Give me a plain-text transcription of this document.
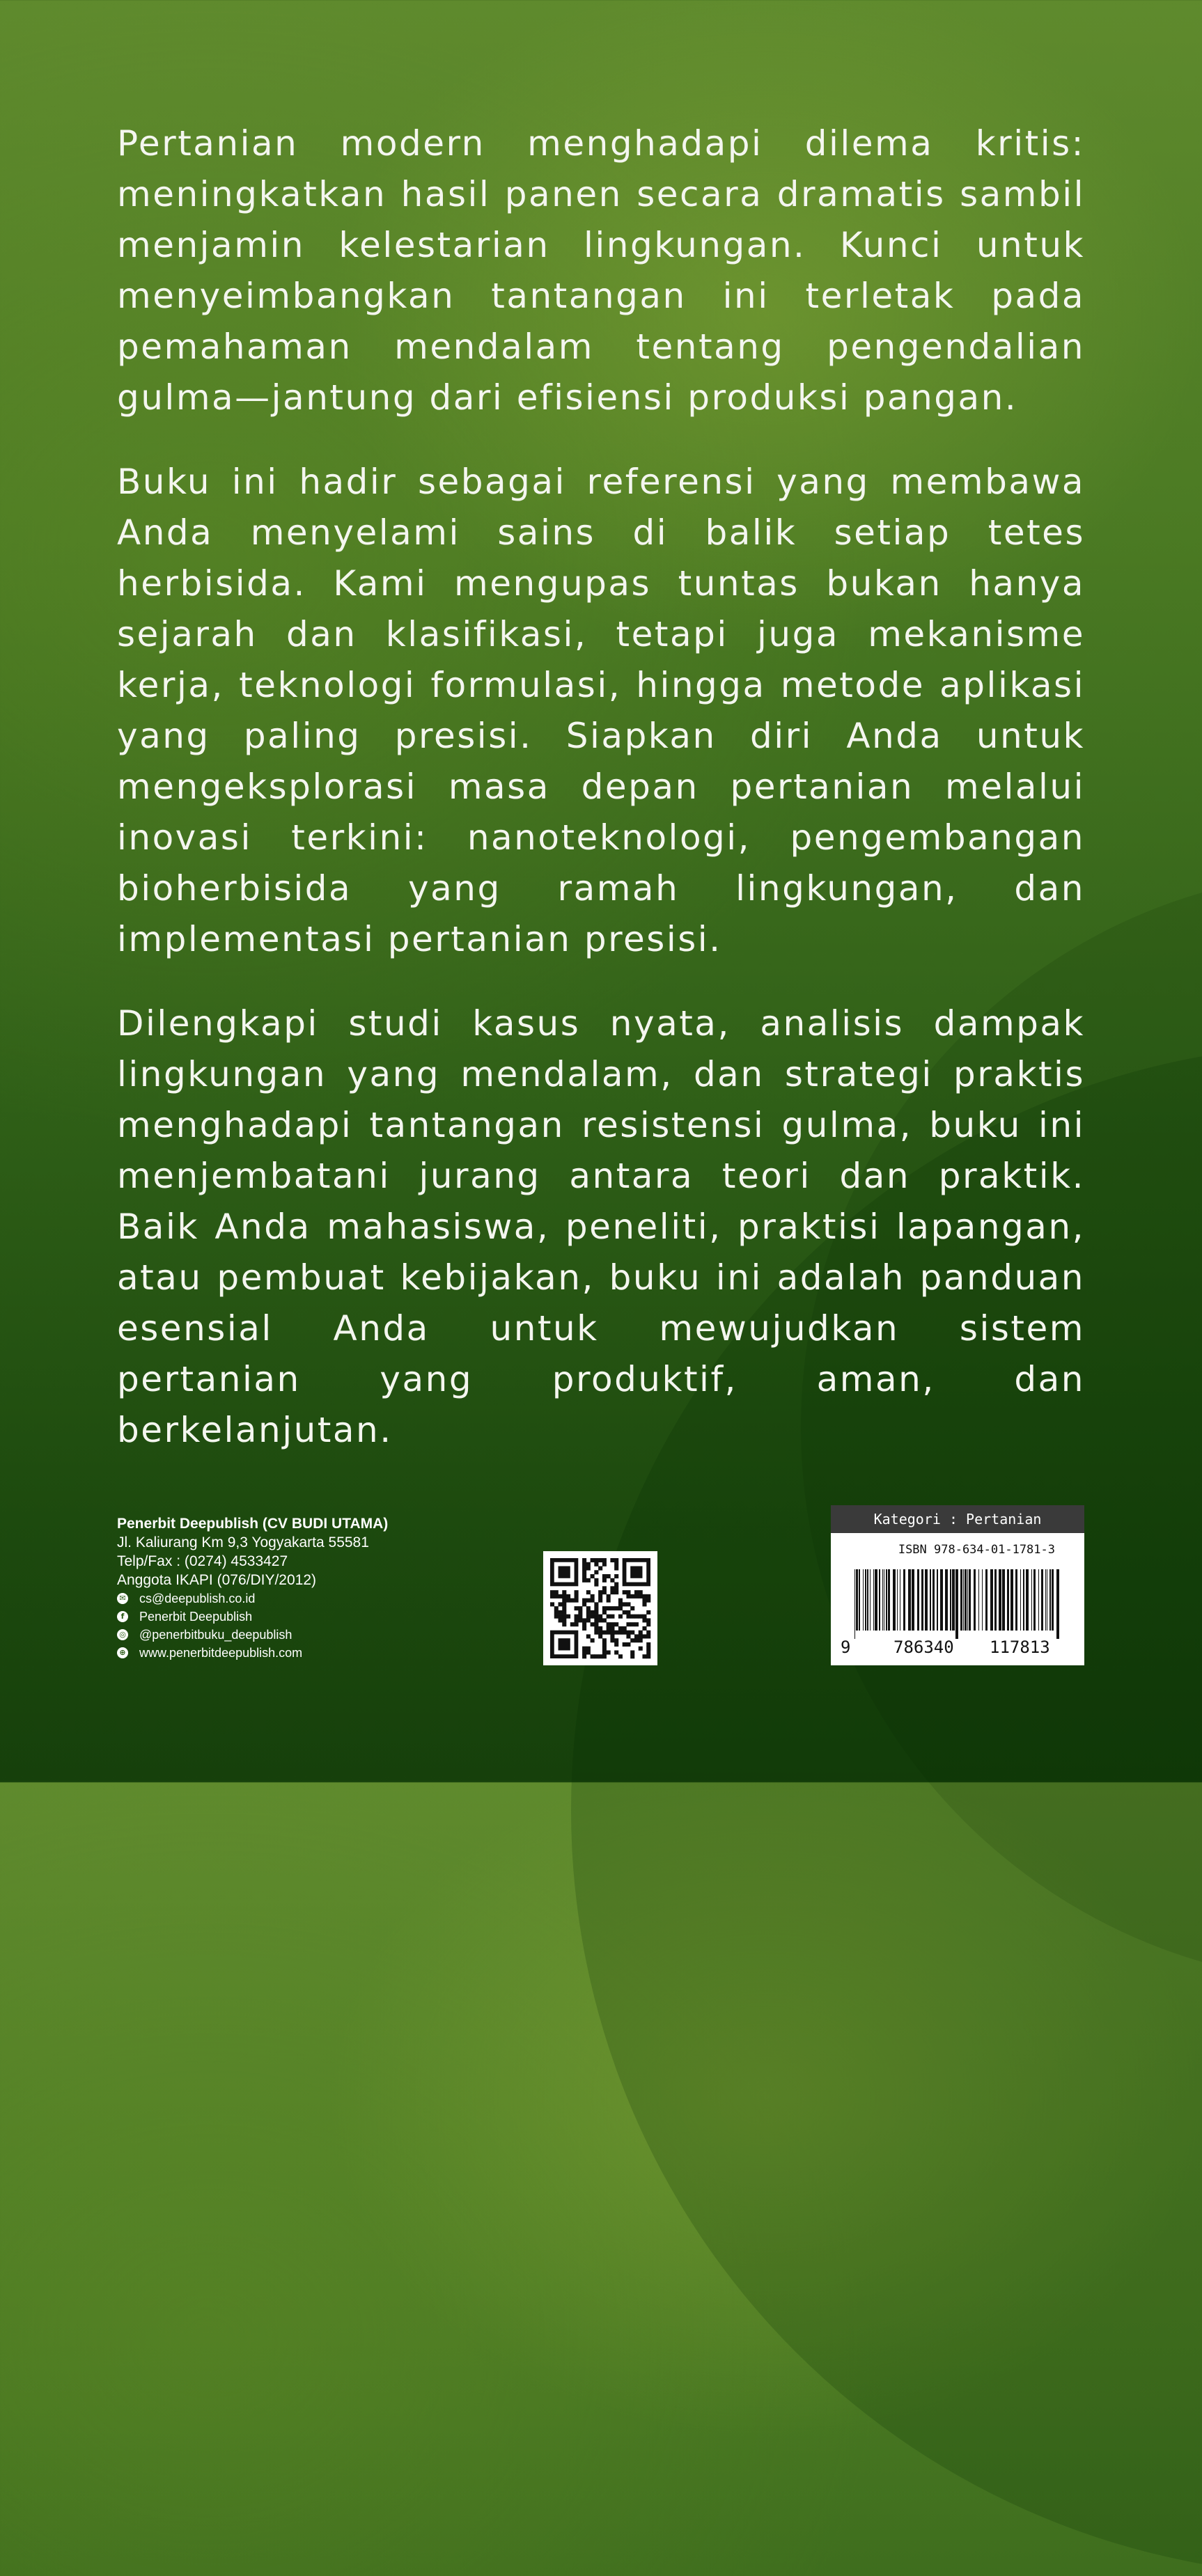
Pertanian modern menghadapi dilema kritis: meningkatkan hasil panen secara dramatis sambil menjamin kelestarian lingkungan. Kunci untuk menyeimbangkan tantangan ini terletak pada pemahaman mendalam tentang pengendalian gulma—jantung dari efisiensi produksi pangan.

Buku ini hadir sebagai referensi yang membawa Anda menyelami sains di balik setiap tetes herbisida. Kami mengupas tuntas bukan hanya sejarah dan klasifikasi, tetapi juga mekanisme kerja, teknologi formulasi, hingga metode aplikasi yang paling presisi. Siapkan diri Anda untuk mengeksplorasi masa depan pertanian melalui inovasi terkini: nanoteknologi, pengembangan bioherbisida yang ramah lingkungan, dan implementasi pertanian presisi.

Dilengkapi studi kasus nyata, analisis dampak lingkungan yang mendalam, dan strategi praktis menghadapi tantangan resistensi gulma, buku ini menjembatani jurang antara teori dan praktik. Baik Anda mahasiswa, peneliti, praktisi lapangan, atau pembuat kebijakan, buku ini adalah panduan esensial Anda untuk mewujudkan sistem pertanian yang produktif, aman, dan berkelanjutan.

Penerbit Deepublish (CV BUDI UTAMA)
Jl. Kaliurang Km 9,3 Yogyakarta 55581
Telp/Fax : (0274) 4533427
Anggota IKAPI (076/DIY/2012)
✉ cs@deepublish.co.id
f	Penerbit Deepublish
◎ @penerbitbuku_deepublish
⊕ www.penerbitdeepublish.com
Kategori : Pertanian
ISBN 978-634-01-1781-3
9	786340 117813
